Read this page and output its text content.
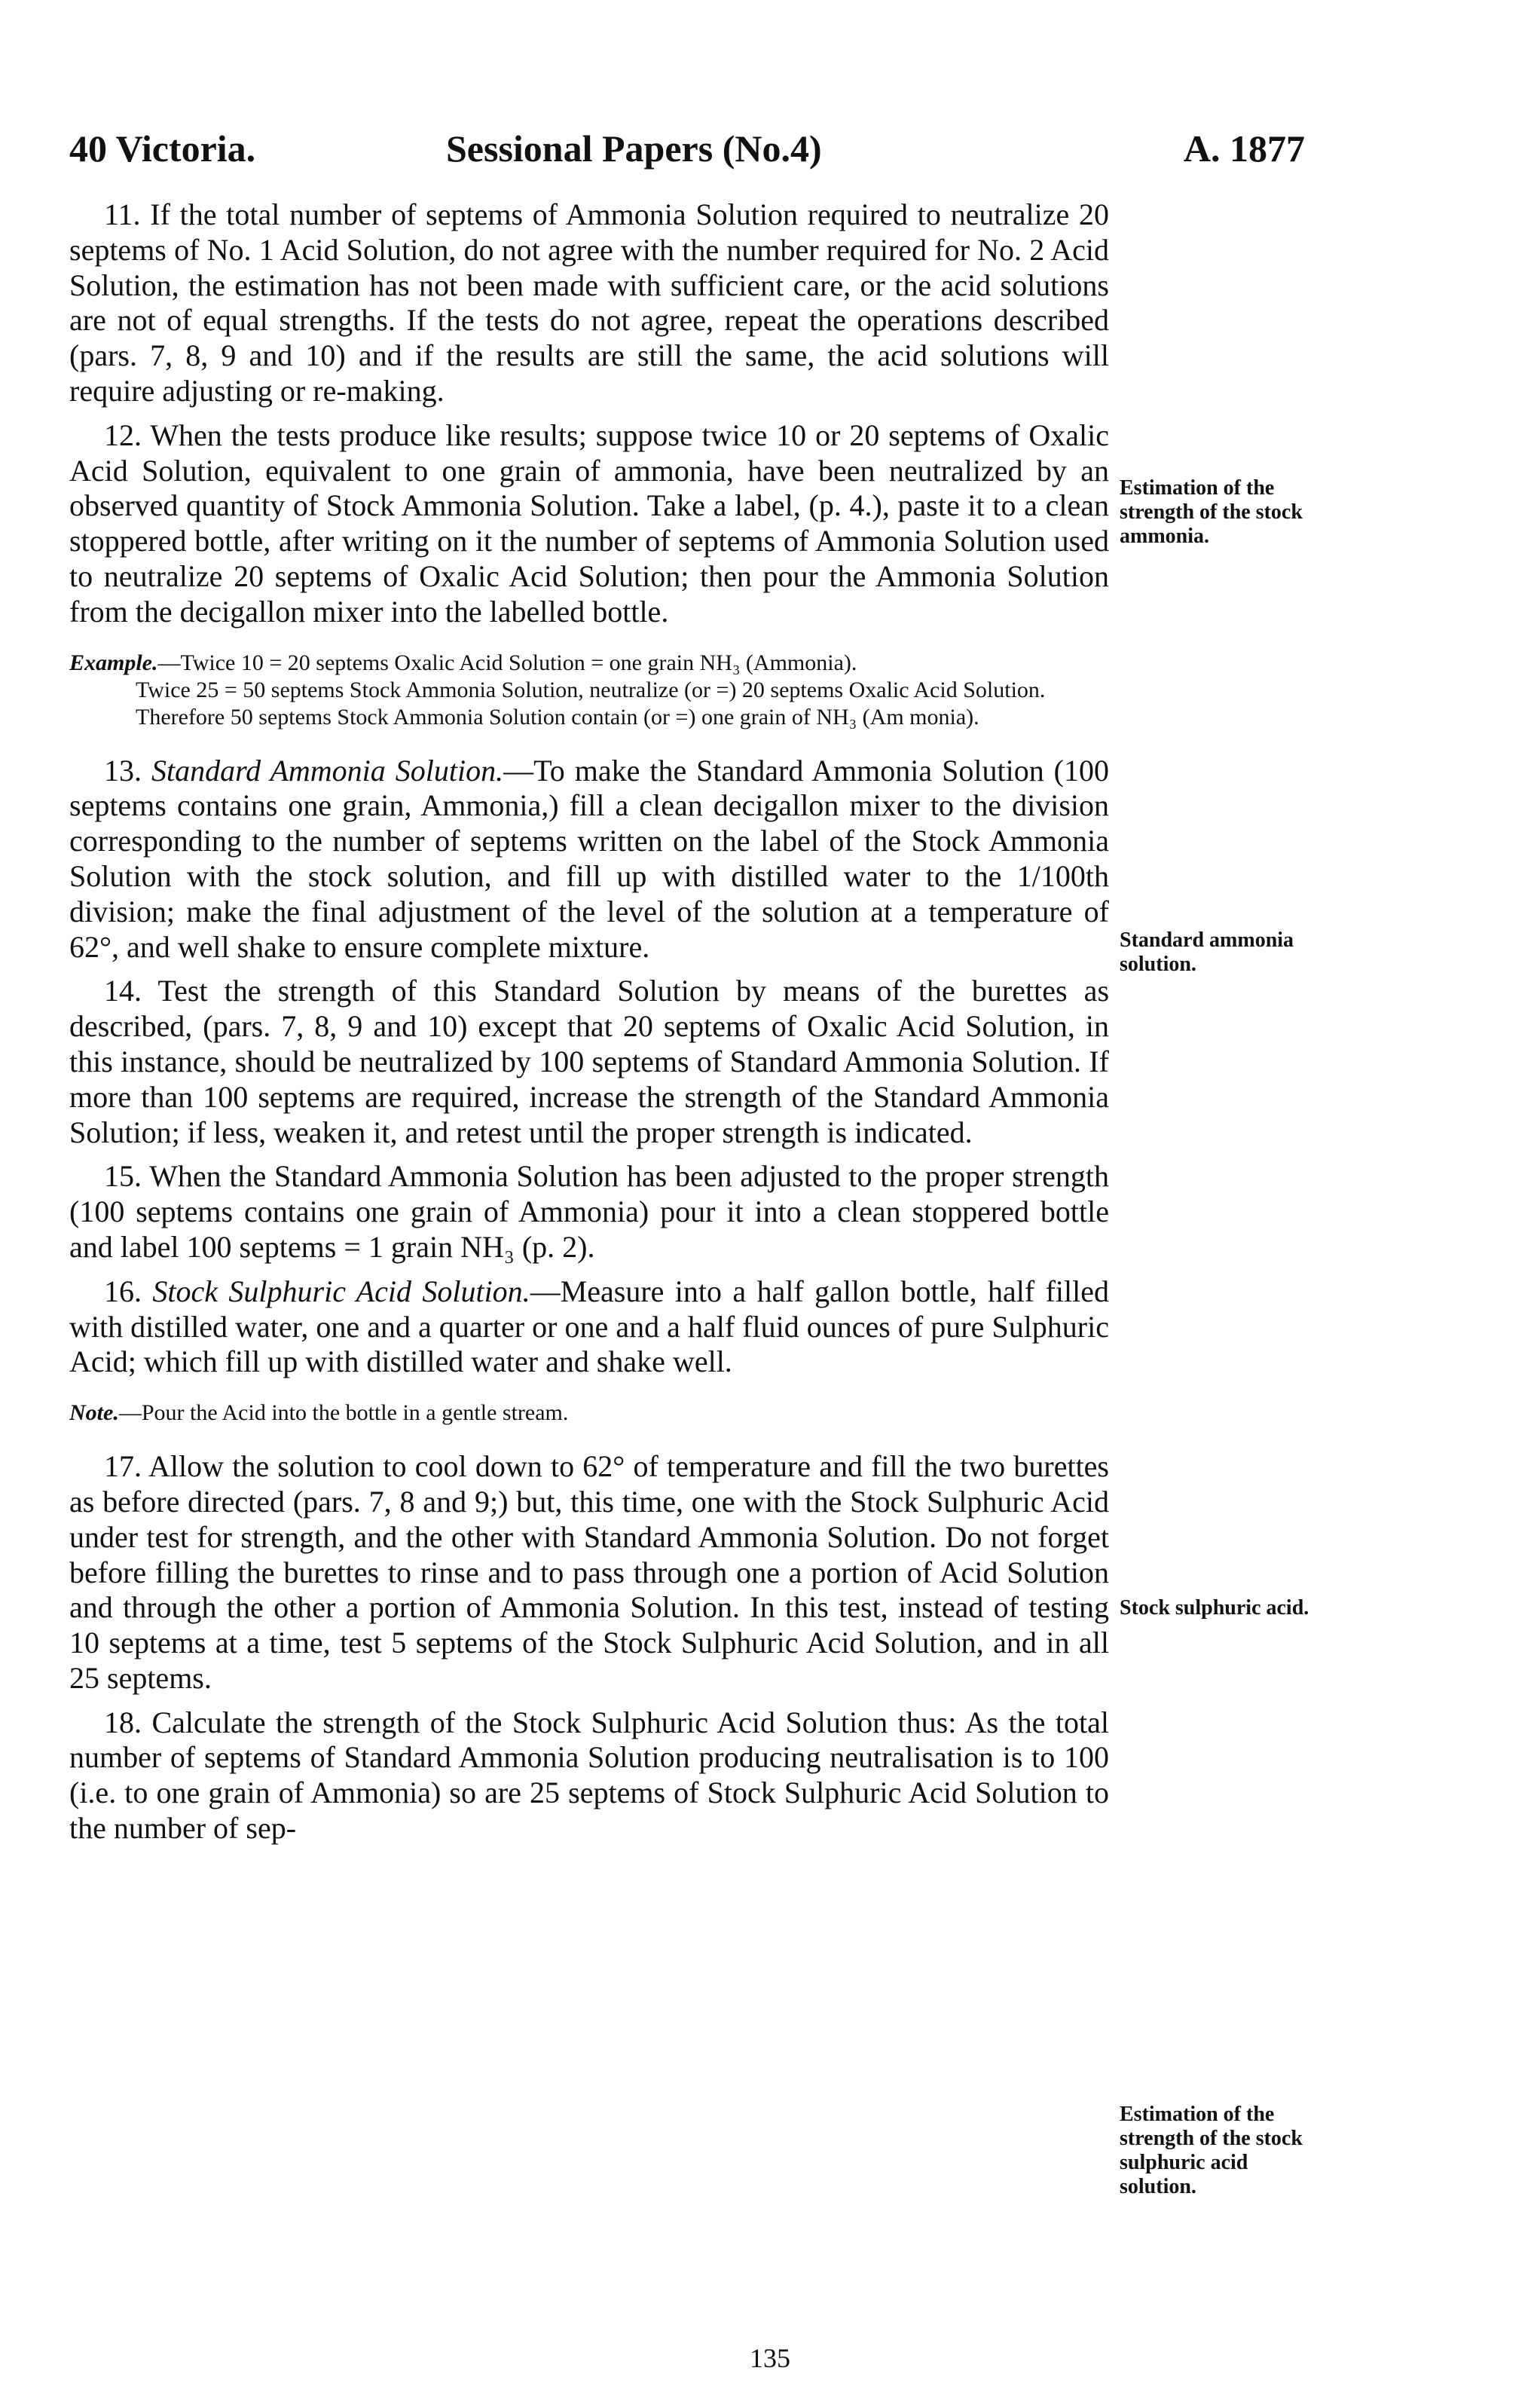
40 Victoria.	Sessional Papers (No.4)	A. 1877

11. If the total number of septems of Ammonia Solution required to neutralize 20 septems of No. 1 Acid Solution, do not agree with the number required for No. 2 Acid Solution, the estimation has not been made with sufficient care, or the acid solutions are not of equal strengths. If the tests do not agree, repeat the operations described (pars. 7, 8, 9 and 10) and if the results are still the same, the acid solutions will require adjusting or re-making.

12. When the tests produce like results; suppose twice 10 or 20 septems of Oxalic Acid Solution, equivalent to one grain of ammonia, have been neutralized by an observed quantity of Stock Ammonia Solution. Take a label, (p. 4.), paste it to a clean stoppered bottle, after writing on it the number of septems of Ammonia Solution used to neutralize 20 septems of Oxalic Acid Solution; then pour the Ammonia Solution from the decigallon mixer into the labelled bottle.

Example.—Twice 10 = 20 septems Oxalic Acid Solution = one grain NH₃ (Ammonia).

Twice 25 = 50 septems Stock Ammonia Solution, neutralize (or =) 20 septems Oxalic Acid Solution.

Therefore 50 septems Stock Ammonia Solution contain (or =) one grain of NH₃ (Am monia).

13. Standard Ammonia Solution.—To make the Standard Ammonia Solution (100 septems contains one grain, Ammonia,) fill a clean decigallon mixer to the division corresponding to the number of septems written on the label of the Stock Ammonia Solution with the stock solution, and fill up with distilled water to the 1/100th division; make the final adjustment of the level of the solution at a temperature of 62°, and well shake to ensure complete mixture.

14. Test the strength of this Standard Solution by means of the burettes as described, (pars. 7, 8, 9 and 10) except that 20 septems of Oxalic Acid Solution, in this instance, should be neutralized by 100 septems of Standard Ammonia Solution. If more than 100 septems are required, increase the strength of the Standard Ammonia Solution; if less, weaken it, and retest until the proper strength is indicated.

15. When the Standard Ammonia Solution has been adjusted to the proper strength (100 septems contains one grain of Ammonia) pour it into a clean stoppered bottle and label 100 septems = 1 grain NH₃ (p. 2).

16. Stock Sulphuric Acid Solution.—Measure into a half gallon bottle, half filled with distilled water, one and a quarter or one and a half fluid ounces of pure Sulphuric Acid; which fill up with distilled water and shake well.

Note.—Pour the Acid into the bottle in a gentle stream.

17. Allow the solution to cool down to 62° of temperature and fill the two burettes as before directed (pars. 7, 8 and 9;) but, this time, one with the Stock Sulphuric Acid under test for strength, and the other with Standard Ammonia Solution. Do not forget before filling the burettes to rinse and to pass through one a portion of Acid Solution and through the other a portion of Ammonia Solution. In this test, instead of testing 10 septems at a time, test 5 septems of the Stock Sulphuric Acid Solution, and in all 25 septems.

18. Calculate the strength of the Stock Sulphuric Acid Solution thus: As the total number of septems of Standard Ammonia Solution producing neutralisation is to 100 (i.e. to one grain of Ammonia) so are 25 septems of Stock Sulphuric Acid Solution to the number of sep-

Estimation of the strength of the stock ammonia.
Standard ammonia solution.
Stock sulphuric acid.
Estimation of the strength of the stock sulphuric acid solution.
135
